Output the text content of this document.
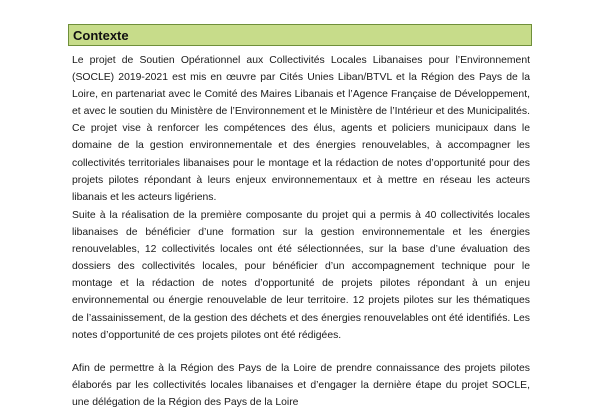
Contexte

Le projet de Soutien Opérationnel aux Collectivités Locales Libanaises pour l’Environnement (SOCLE) 2019-2021 est mis en œuvre par Cités Unies Liban/BTVL et la Région des Pays de la Loire, en partenariat avec le Comité des Maires Libanais et l’Agence Française de Développement, et avec le soutien du Ministère de l’Environnement et le Ministère de l’Intérieur et des Municipalités. Ce projet vise à renforcer les compétences des élus, agents et policiers municipaux dans le domaine de la gestion environnementale et des énergies renouvelables, à accompagner les collectivités territoriales libanaises pour le montage et la rédaction de notes d’opportunité pour des projets pilotes répondant à leurs enjeux environnementaux et à mettre en réseau les acteurs libanais et les acteurs ligériens.

Suite à la réalisation de la première composante du projet qui a permis à 40 collectivités locales libanaises de bénéficier d’une formation sur la gestion environnementale et les énergies renouvelables, 12 collectivités locales ont été sélectionnées, sur la base d’une évaluation des dossiers des collectivités locales, pour bénéficier d’un accompagnement technique pour le montage et la rédaction de notes d’opportunité de projets pilotes répondant à un enjeu environnemental ou énergie renouvelable de leur territoire. 12 projets pilotes sur les thématiques de l’assainissement, de la gestion des déchets et des énergies renouvelables ont été identifiés. Les notes d’opportunité de ces projets pilotes ont été rédigées.

Afin de permettre à la Région des Pays de la Loire de prendre connaissance des projets pilotes élaborés par les collectivités locales libanaises et d’engager la dernière étape du projet SOCLE, une délégation de la Région des Pays de la Loire
